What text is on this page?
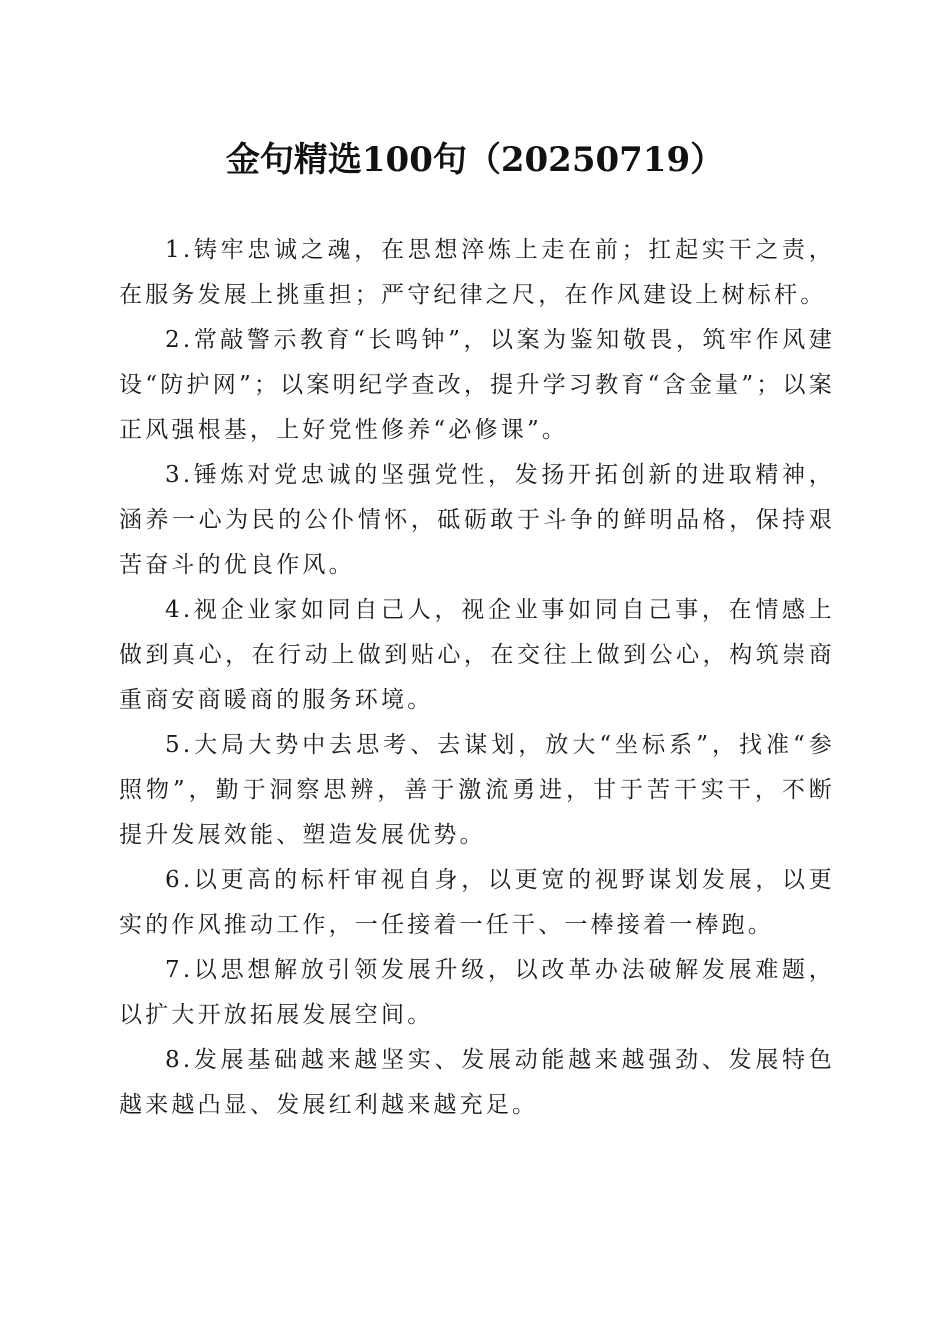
金句精选100句（20250719）

1.铸牢忠诚之魂，在思想淬炼上走在前；扛起实干之责，在服务发展上挑重担；严守纪律之尺，在作风建设上树标杆。

2.常敲警示教育“长鸣钟”，以案为鉴知敬畏，筑牢作风建设“防护网”；以案明纪学查改，提升学习教育“含金量”；以案正风强根基，上好党性修养“必修课”。

3.锤炼对党忠诚的坚强党性，发扬开拓创新的进取精神，涵养一心为民的公仆情怀，砥砺敢于斗争的鲜明品格，保持艰苦奋斗的优良作风。

4.视企业家如同自己人，视企业事如同自己事，在情感上做到真心，在行动上做到贴心，在交往上做到公心，构筑崇商重商安商暖商的服务环境。

5.大局大势中去思考、去谋划，放大“坐标系”，找准“参照物”，勤于洞察思辨，善于激流勇进，甘于苦干实干，不断提升发展效能、塑造发展优势。

6.以更高的标杆审视自身，以更宽的视野谋划发展，以更实的作风推动工作，一任接着一任干、一棒接着一棒跑。

7.以思想解放引领发展升级，以改革办法破解发展难题，以扩大开放拓展发展空间。

8.发展基础越来越坚实、发展动能越来越强劲、发展特色越来越凸显、发展红利越来越充足。
